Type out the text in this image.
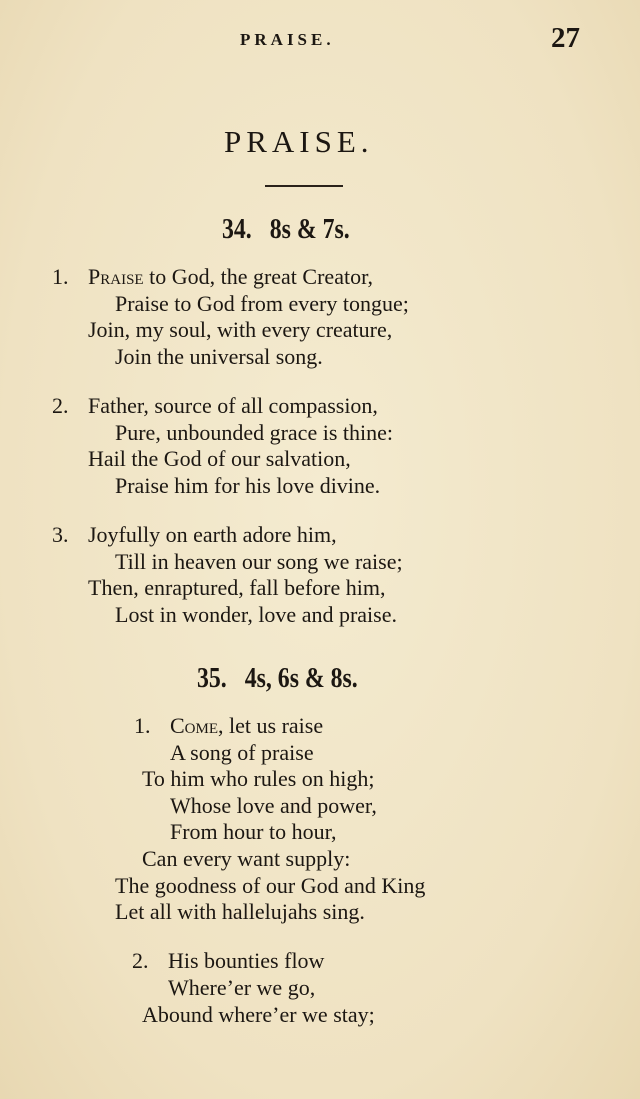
PRAISE.	27
PRAISE.
34. 8s & 7s.
1. Praise to God, the great Creator,
Praise to God from every tongue;
Join, my soul, with every creature,
Join the universal song.
2. Father, source of all compassion,
Pure, unbounded grace is thine:
Hail the God of our salvation,
Praise him for his love divine.
3. Joyfully on earth adore him,
Till in heaven our song we raise;
Then, enraptured, fall before him,
Lost in wonder, love and praise.
35. 4s, 6s & 8s.
1. Come, let us raise
A song of praise
To him who rules on high;
Whose love and power,
From hour to hour,
Can every want supply:
The goodness of our God and King
Let all with hallelujahs sing.
2. His bounties flow
Where’er we go,
Abound where’er we stay;
